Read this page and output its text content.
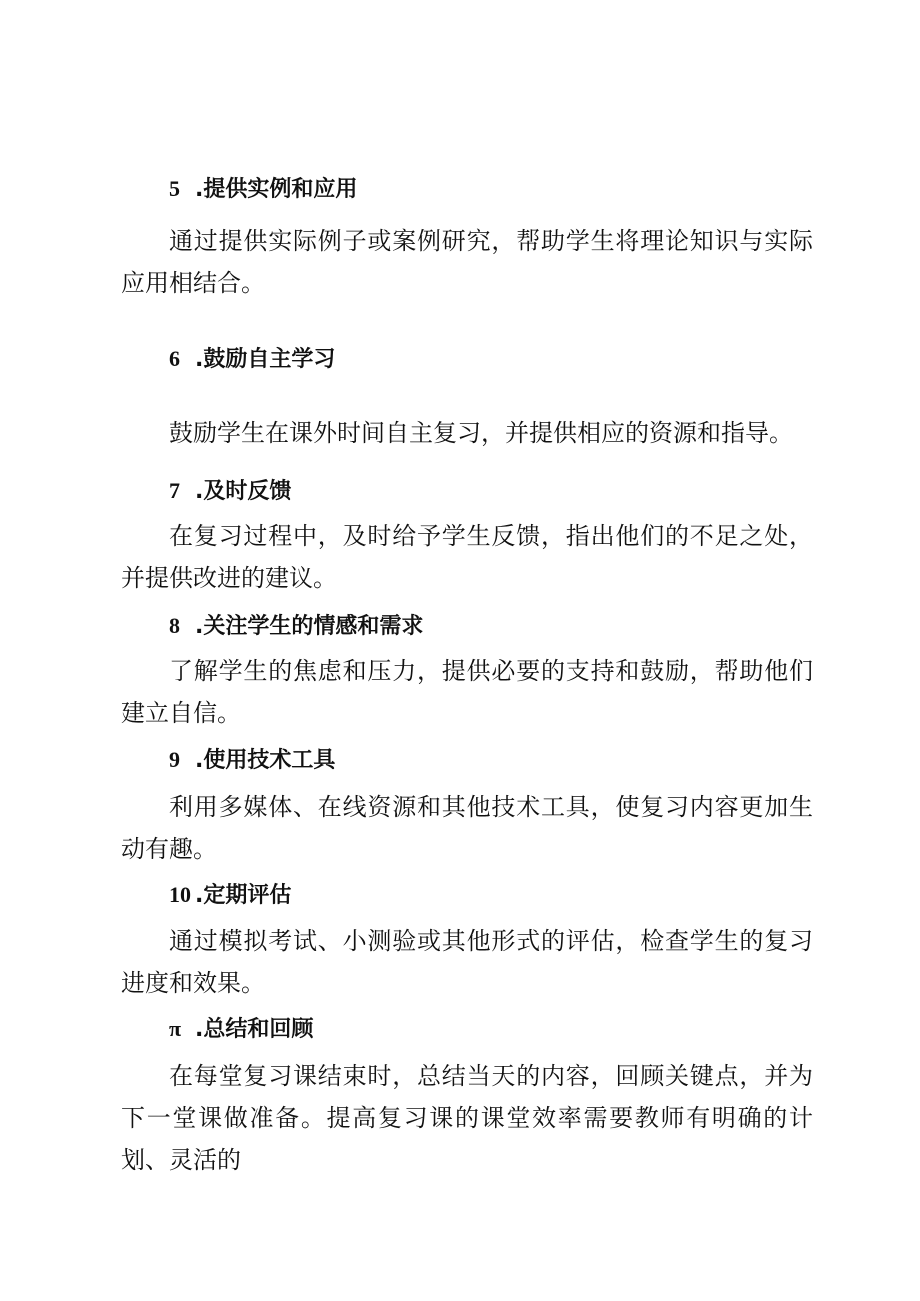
5 .提供实例和应用

通过提供实际例子或案例研究，帮助学生将理论知识与实际应用相结合。

6 .鼓励自主学习

鼓励学生在课外时间自主复习，并提供相应的资源和指导。

7 .及时反馈

在复习过程中，及时给予学生反馈，指出他们的不足之处，并提供改进的建议。

8 .关注学生的情感和需求

了解学生的焦虑和压力，提供必要的支持和鼓励，帮助他们建立自信。

9 .使用技术工具

利用多媒体、在线资源和其他技术工具，使复习内容更加生动有趣。

10 .定期评估

通过模拟考试、小测验或其他形式的评估，检查学生的复习进度和效果。

π .总结和回顾

在每堂复习课结束时，总结当天的内容，回顾关键点，并为下一堂课做准备。提高复习课的课堂效率需要教师有明确的计划、灵活的
